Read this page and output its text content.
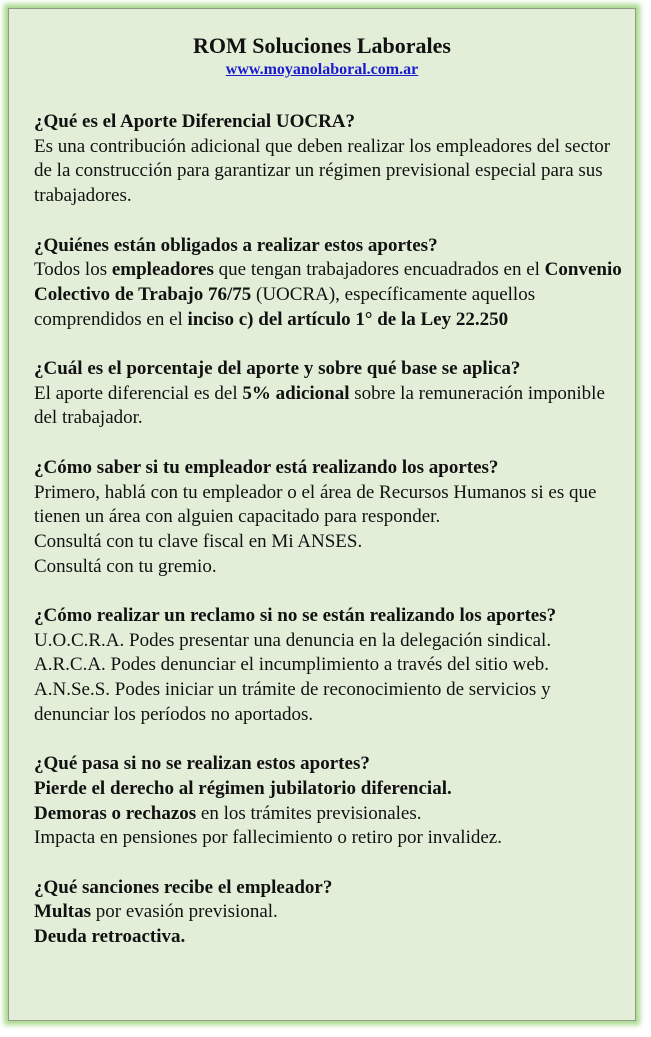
ROM Soluciones Laborales
www.moyanolaboral.com.ar
¿Qué es el Aporte Diferencial UOCRA?
Es una contribución adicional que deben realizar los empleadores del sector de la construcción para garantizar un régimen previsional especial para sus trabajadores.
¿Quiénes están obligados a realizar estos aportes?
Todos los empleadores que tengan trabajadores encuadrados en el Convenio Colectivo de Trabajo 76/75 (UOCRA), específicamente aquellos comprendidos en el inciso c) del artículo 1° de la Ley 22.250
¿Cuál es el porcentaje del aporte y sobre qué base se aplica?
El aporte diferencial es del 5% adicional sobre la remuneración imponible del trabajador.
¿Cómo saber si tu empleador está realizando los aportes?
Primero, hablá con tu empleador o el área de Recursos Humanos si es que tienen un área con alguien capacitado para responder.
Consultá con tu clave fiscal en Mi ANSES.
Consultá con tu gremio.
¿Cómo realizar un reclamo si no se están realizando los aportes?
U.O.C.R.A. Podes presentar una denuncia en la delegación sindical.
A.R.C.A. Podes denunciar el incumplimiento a través del sitio web.
A.N.Se.S. Podes iniciar un trámite de reconocimiento de servicios y denunciar los períodos no aportados.
¿Qué pasa si no se realizan estos aportes?
Pierde el derecho al régimen jubilatorio diferencial.
Demoras o rechazos en los trámites previsionales.
Impacta en pensiones por fallecimiento o retiro por invalidez.
¿Qué sanciones recibe el empleador?
Multas por evasión previsional.
Deuda retroactiva.
